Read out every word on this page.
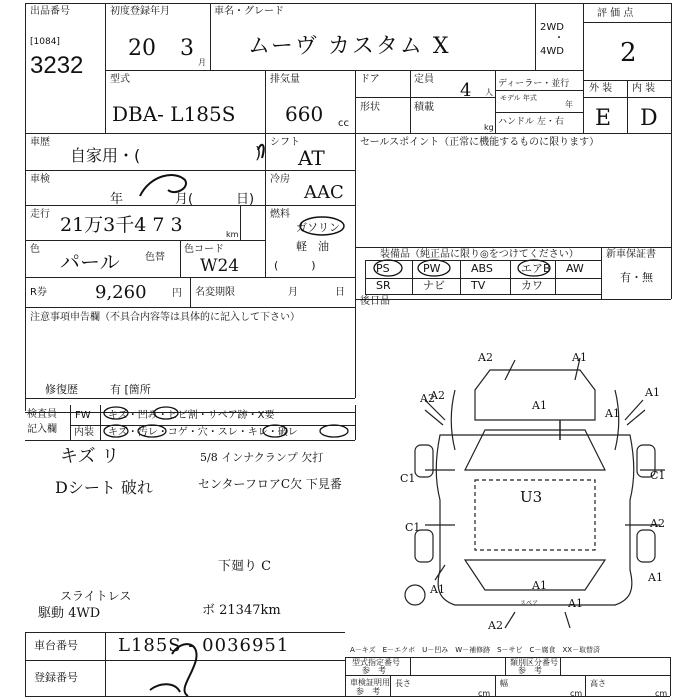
出品番号
[1084]
3232
初度登録年月
20 3
月
車名・グレード
ムーヴ カスタム X
2WD
・
4WD
評 価 点
2
型式
DBA- L185S
排気量
660 cc
ドア	定員
4 人
形状	積載
kg
ディーラー・並行
モデル 年式
年
ハンドル 左・右
外 装 内 装
E D
車歴
自家用・(	)
シフト
AT
セールスポイント（正常に機能するものに限ります）
車検
年	月(	日)
冷房
AAC
走行 21万3千4 7 3	km
燃料
ガソリン
軽　油
(　　　)
色
パール	色替
色コード
W24
装備品（純正品に限り◎をつけてください）	新車保証書
有・無
PS	PW	ABS	エアB AW
SR	ナビ TV	カワ
R券	9,260	円 名変期限	月	日
後日品
注意事項申告欄（不具合内容等は具体的に記入して下さい）
修復歴	有 [箇所
検査員
記入欄
FW キズ・凹み・ヒビ割・リペア跡・X要
内装 キズ・汚レ・コゲ・穴・スレ・キレ・破レ
キズ リ
Dシート 破れ
5/8 インナクランプ 欠打
センターフロアC欠 下見番
下廻り C
ボ 21347km
スライトレス
駆動 4WD
スペア
A2	A1
A2	A1
A1
A1
C1
C1
U3
C1
A2
A1	A1
A1
A2
A1
A2
A－キズ　E－エクボ　U－凹み　W－補修跡　S－サビ　C－腐食　XX－取替済
車台番号 L185S - 0036951
登録番号
型式指定番号
参　考
類別区分番号
参　考
車検証明用
参　考
長さ
cm
幅
cm
高さ
cm
